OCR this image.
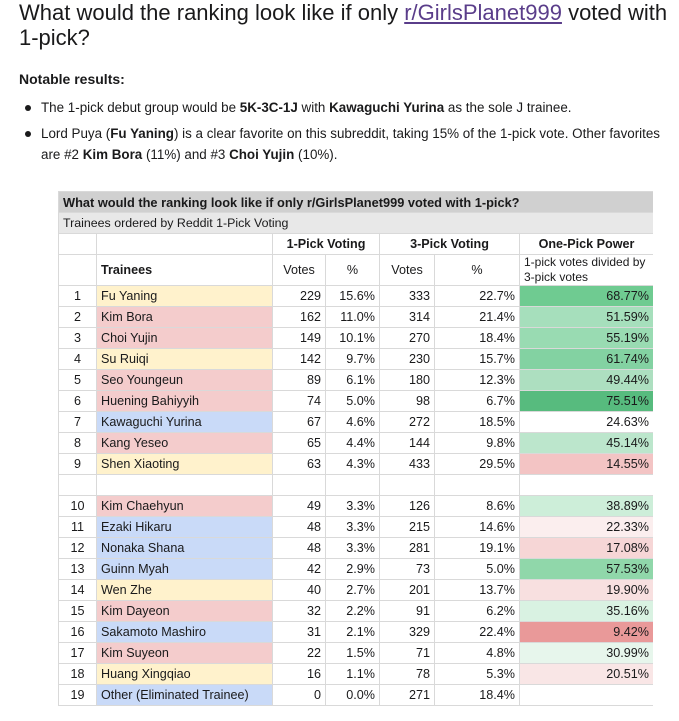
What would the ranking look like if only r/GirlsPlanet999 voted with 1-pick?

Notable results:

The 1-pick debut group would be 5K-3C-1J with Kawaguchi Yurina as the sole J trainee.
Lord Puya (Fu Yaning) is a clear favorite on this subreddit, taking 15% of the 1-pick vote. Other favorites are #2 Kim Bora (11%) and #3 Choi Yujin (10%).
What would the ranking look like if only r/GirlsPlanet999 voted with 1-pick?						
Trainees ordered by Reddit 1-Pick Voting						
		1-Pick Voting		3-Pick Voting		One-Pick Power
	Trainees	Votes	%	Votes	%	1-pick votes divided by 3-pick votes
1	Fu Yaning	229	15.6%	333	22.7%	68.77%
2	Kim Bora	162	11.0%	314	21.4%	51.59%
3	Choi Yujin	149	10.1%	270	18.4%	55.19%
4	Su Ruiqi	142	9.7%	230	15.7%	61.74%
5	Seo Youngeun	89	6.1%	180	12.3%	49.44%
6	Huening Bahiyyih	74	5.0%	98	6.7%	75.51%
7	Kawaguchi Yurina	67	4.6%	272	18.5%	24.63%
8	Kang Yeseo	65	4.4%	144	9.8%	45.14%
9	Shen Xiaoting	63	4.3%	433	29.5%	14.55%

10	Kim Chaehyun	49	3.3%	126	8.6%	38.89%
11	Ezaki Hikaru	48	3.3%	215	14.6%	22.33%
12	Nonaka Shana	48	3.3%	281	19.1%	17.08%
13	Guinn Myah	42	2.9%	73	5.0%	57.53%
14	Wen Zhe	40	2.7%	201	13.7%	19.90%
15	Kim Dayeon	32	2.2%	91	6.2%	35.16%
16	Sakamoto Mashiro	31	2.1%	329	22.4%	9.42%
17	Kim Suyeon	22	1.5%	71	4.8%	30.99%
18	Huang Xingqiao	16	1.1%	78	5.3%	20.51%
19	Other (Eliminated Trainee)	0	0.0%	271	18.4%	
